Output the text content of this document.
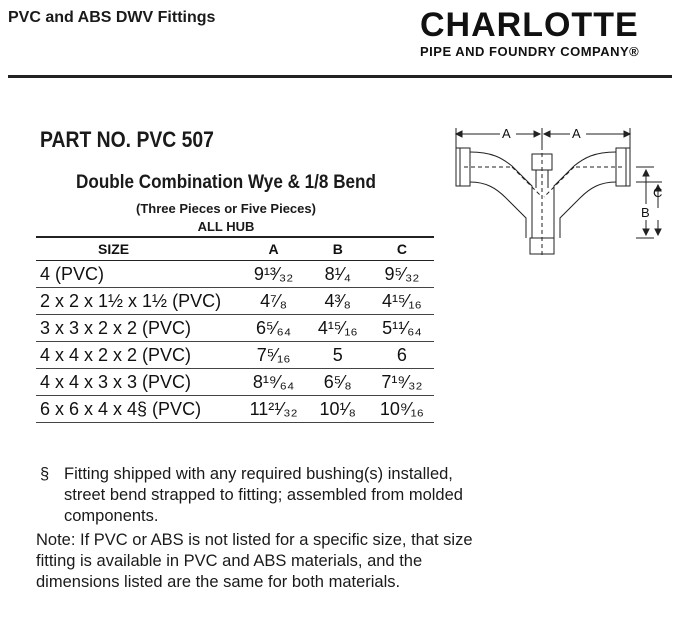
PVC and ABS DWV Fittings	CHARLOTTE
PIPE AND FOUNDRY COMPANY®
PART NO. PVC 507	A	A
B
C
Double Combination Wye & 1/8 Bend
(Three Pieces or Five Pieces)
ALL HUB
SIZE	A	B	C
4 (PVC)	9¹³⁄₃₂	8¹⁄₄	9⁵⁄₃₂
2 x 2 x 1½ x 1½ (PVC)	4⁷⁄₈	4³⁄₈	4¹⁵⁄₁₆
3 x 3 x 2 x 2 (PVC)	6⁵⁄₆₄	4¹⁵⁄₁₆	5¹¹⁄₆₄
4 x 4 x 2 x 2 (PVC)	7⁵⁄₁₆	5	6
4 x 4 x 3 x 3 (PVC)	8¹⁹⁄₆₄	6⁵⁄₈	7¹⁹⁄₃₂
6 x 6 x 4 x 4§ (PVC)	11²¹⁄₃₂	10¹⁄₈	10⁹⁄₁₆
§ Fitting shipped with any required bushing(s) installed, street bend strapped to fitting; assembled from molded components.
Note: If PVC or ABS is not listed for a specific size, that size fitting is available in PVC and ABS materials, and the dimensions listed are the same for both materials.
